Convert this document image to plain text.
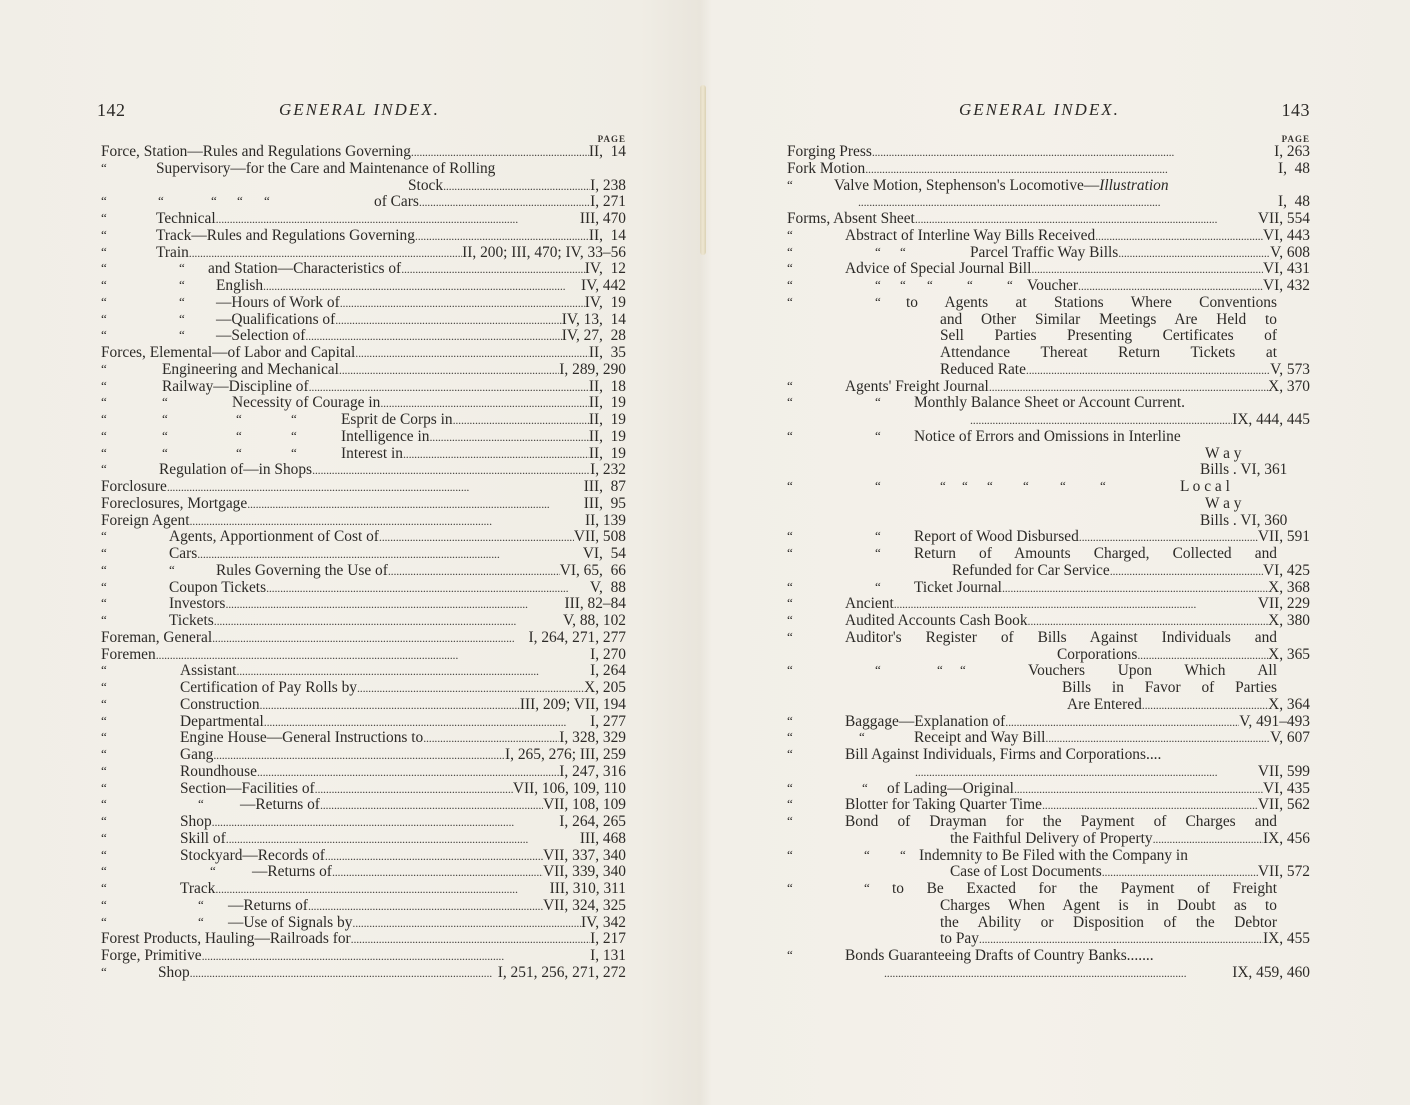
142	GENERAL INDEX.
PAGE
Force, Station—Rules and Regulations Governing . . .	II,  14
“	Supervisory—for the Care and Maintenance of Rolling
Stock . . .	I, 238
“	“	“ “ “	of Cars . . .	I, 271
“	Technical . . .	III, 470
“	Track—Rules and Regulations Governing . . .	II,  14
“	Train . . .	II, 200; III, 470; IV, 33–56
“	“ and Station—Characteristics of . . .	IV,  12
“	“ English . . .	IV, 442
“	“ —Hours of Work of . . .	IV,  19
“	“ —Qualifications of . . .	IV, 13,  14
“	“ —Selection of . . .	IV, 27,  28
Forces, Elemental—of Labor and Capital . . .	II,  35
“	Engineering and Mechanical . . .	I, 289, 290
“	Railway—Discipline of . . .	II,  18
“	“	Necessity of Courage in . . .	II,  19
“	“	“	“	Esprit de Corps in . . .	II,  19
“	“	“	“	Intelligence in . . .	II,  19
“	“	“	“	Interest in . . .	II,  19
“	Regulation of—in Shops . . .	I, 232
Forclosure . . .	III,  87
Foreclosures, Mortgage . . .	III,  95
Foreign Agent . . .	II, 139
“	Agents, Apportionment of Cost of . . .	VII, 508
“	Cars . . .	VI,  54
“	“	Rules Governing the Use of . . .	VI, 65,  66
“	Coupon Tickets . . .	V,  88
“	Investors . . .	III, 82–84
“	Tickets . . .	V, 88, 102
Foreman, General . . .	I, 264, 271, 277
Foremen . . .	I, 270
“	Assistant . . .	I, 264
“	Certification of Pay Rolls by . . .	X, 205
“	Construction . . .	III, 209; VII, 194
“	Departmental . . .	I, 277
“	Engine House—General Instructions to . . .	I, 328, 329
“	Gang . . .	I, 265, 276; III, 259
“	Roundhouse . . .	I, 247, 316
“	Section—Facilities of . . .	VII, 106, 109, 110
“	“ —Returns of . . .	VII, 108, 109
“	Shop . . .	I, 264, 265
“	Skill of . . .	III, 468
“	Stockyard—Records of . . .	VII, 337, 340
“	“ —Returns of . . .	VII, 339, 340
“	Track . . .	III, 310, 311
“	“ —Returns of . . .	VII, 324, 325
“	“ —Use of Signals by . . .	IV, 342
Forest Products, Hauling—Railroads for . . .	I, 217
Forge, Primitive . . .	I, 131
“	Shop . . .	I, 251, 256, 271, 272
GENERAL INDEX.	143
PAGE
Forging Press . . .	I, 263
Fork Motion . . .	I,  48
“	Valve Motion, Stephenson's Locomotive—Illustration
. . .
I,  48
Forms, Absent Sheet . . .	VII, 554
“	Abstract of Interline Way Bills Received . . .	VI, 443
“	“ “	Parcel Traffic Way Bills . . .	V, 608
“	Advice of Special Journal Bill . . .	VI, 431
“	“ “ “	“	“ Voucher . . .	VI, 432
“	“ to Agents at Stations Where Conventions
and Other Similar Meetings Are Held to
Sell Parties Presenting Certificates of
Attendance Thereat Return Tickets at
Reduced Rate . . .	V, 573
“	Agents' Freight Journal . . .	X, 370
“	“ Monthly Balance Sheet or Account Current.
. . .
IX, 444, 445
“	“ Notice of Errors and Omissions in Interline
W a y
Bills . VI, 361
“	“	“ “ “ “ “	“	L o c a l
W a y
Bills . VI, 360
“	“ Report of Wood Disbursed . . .	VII, 591
“	“ Return of Amounts Charged, Collected and
Refunded for Car Service . . .	VI, 425
“	“ Ticket Journal . . .	X, 368
“	Ancient . . .	VII, 229
“	Audited Accounts Cash Book . . .	X, 380
“	Auditor's Register of Bills Against Individuals and
Corporations . . .	X, 365
“	“	“ “	Vouchers Upon Which All
Bills in Favor of Parties
Are Entered . . .	X, 364
“	Baggage—Explanation of . . .	V, 491–493
“	“	Receipt and Way Bill . . .	V, 607
“	Bill Against Individuals, Firms and Corporations....
. . .
VII, 599
“	“ of Lading—Original . . .	VI, 435
“	Blotter for Taking Quarter Time . . .	VII, 562
“	Bond of Drayman for the Payment of Charges and
the Faithful Delivery of Property . . .	IX, 456
“	“ “ Indemnity to Be Filed with the Company in
Case of Lost Documents . . .	VII, 572
“	“ to Be Exacted for the Payment of Freight
Charges When Agent is in Doubt as to
the Ability or Disposition of the Debtor
to Pay . . .	IX, 455
“	Bonds Guaranteeing Drafts of Country Banks.......
. . .
IX, 459, 460
